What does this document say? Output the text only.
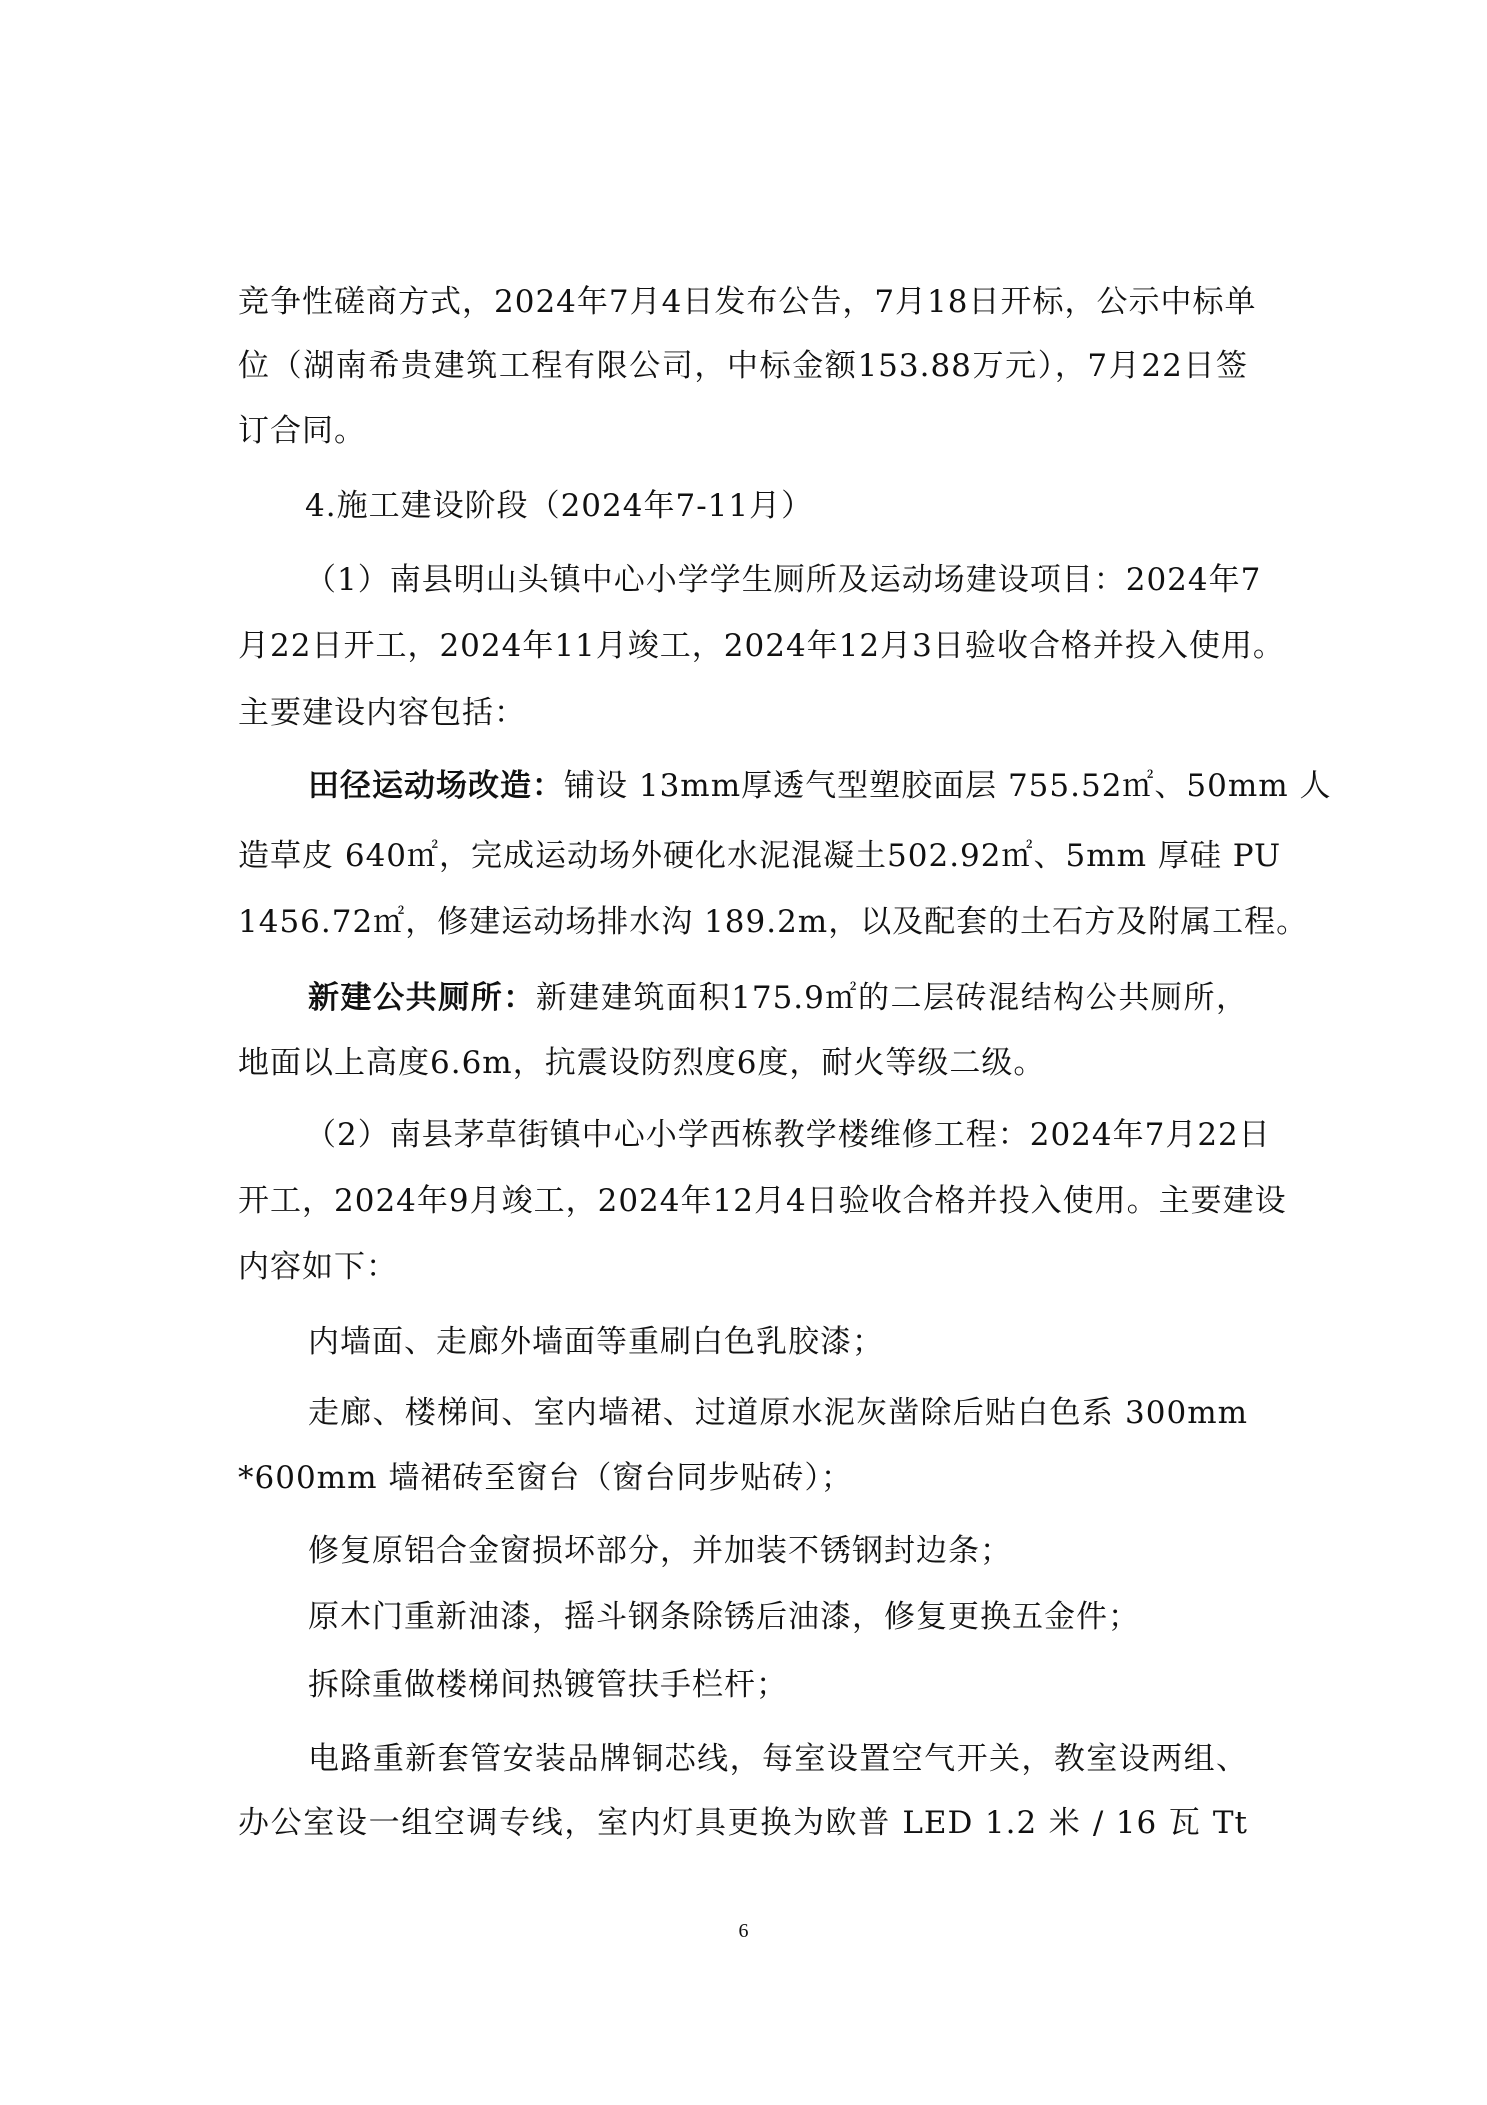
竞争性磋商方式，2024年7月4日发布公告，7月18日开标，公示中标单
位（湖南希贵建筑工程有限公司，中标金额153.88万元），7月22日签
订合同。
4.施工建设阶段（2024年7-11月）
（1）南县明山头镇中心小学学生厕所及运动场建设项目：2024年7
月22日开工，2024年11月竣工，2024年12月3日验收合格并投入使用。
主要建设内容包括：
田径运动场改造：铺设 13mm厚透气型塑胶面层 755.52㎡、50mm 人
造草皮 640㎡，完成运动场外硬化水泥混凝土502.92㎡、5mm 厚硅 PU
1456.72㎡，修建运动场排水沟 189.2m，以及配套的土石方及附属工程。
新建公共厕所：新建建筑面积175.9㎡的二层砖混结构公共厕所，
地面以上高度6.6m，抗震设防烈度6度，耐火等级二级。
（2）南县茅草街镇中心小学西栋教学楼维修工程：2024年7月22日
开工，2024年9月竣工，2024年12月4日验收合格并投入使用。主要建设
内容如下：
内墙面、走廊外墙面等重刷白色乳胶漆；
走廊、楼梯间、室内墙裙、过道原水泥灰凿除后贴白色系 300mm
*600mm 墙裙砖至窗台（窗台同步贴砖）；
修复原铝合金窗损坏部分，并加装不锈钢封边条；
原木门重新油漆，摇斗钢条除锈后油漆，修复更换五金件；
拆除重做楼梯间热镀管扶手栏杆；
电路重新套管安装品牌铜芯线，每室设置空气开关，教室设两组、
办公室设一组空调专线，室内灯具更换为欧普 LED 1.2 米 / 16 瓦 Tt
6
